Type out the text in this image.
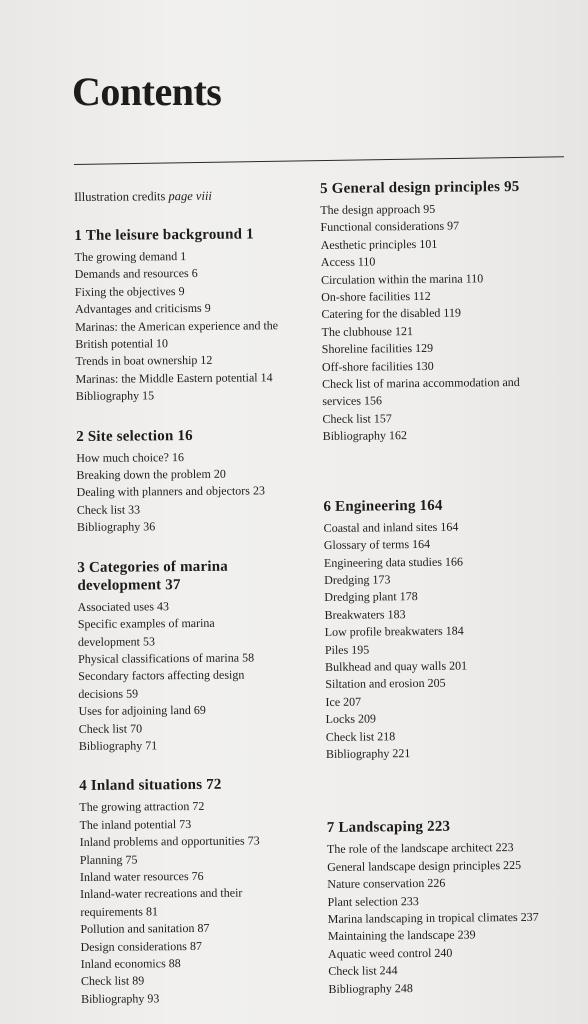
Contents
Illustration credits page viii
1 The leisure background 1
The growing demand 1
Demands and resources 6
Fixing the objectives 9
Advantages and criticisms 9
Marinas: the American experience and the
British potential 10
Trends in boat ownership 12
Marinas: the Middle Eastern potential 14
Bibliography 15
2 Site selection 16
How much choice? 16
Breaking down the problem 20
Dealing with planners and objectors 23
Check list 33
Bibliography 36
3 Categories of marina
development 37
Associated uses 43
Specific examples of marina
development 53
Physical classifications of marina 58
Secondary factors affecting design
decisions 59
Uses for adjoining land 69
Check list 70
Bibliography 71
4 Inland situations 72
The growing attraction 72
The inland potential 73
Inland problems and opportunities 73
Planning 75
Inland water resources 76
Inland-water recreations and their
requirements 81
Pollution and sanitation 87
Design considerations 87
Inland economics 88
Check list 89
Bibliography 93
5 General design principles 95
The design approach 95
Functional considerations 97
Aesthetic principles 101
Access 110
Circulation within the marina 110
On-shore facilities 112
Catering for the disabled 119
The clubhouse 121
Shoreline facilities 129
Off-shore facilities 130
Check list of marina accommodation and
services 156
Check list 157
Bibliography 162
6 Engineering 164
Coastal and inland sites 164
Glossary of terms 164
Engineering data studies 166
Dredging 173
Dredging plant 178
Breakwaters 183
Low profile breakwaters 184
Piles 195
Bulkhead and quay walls 201
Siltation and erosion 205
Ice 207
Locks 209
Check list 218
Bibliography 221
7 Landscaping 223
The role of the landscape architect 223
General landscape design principles 225
Nature conservation 226
Plant selection 233
Marina landscaping in tropical climates 237
Maintaining the landscape 239
Aquatic weed control 240
Check list 244
Bibliography 248
